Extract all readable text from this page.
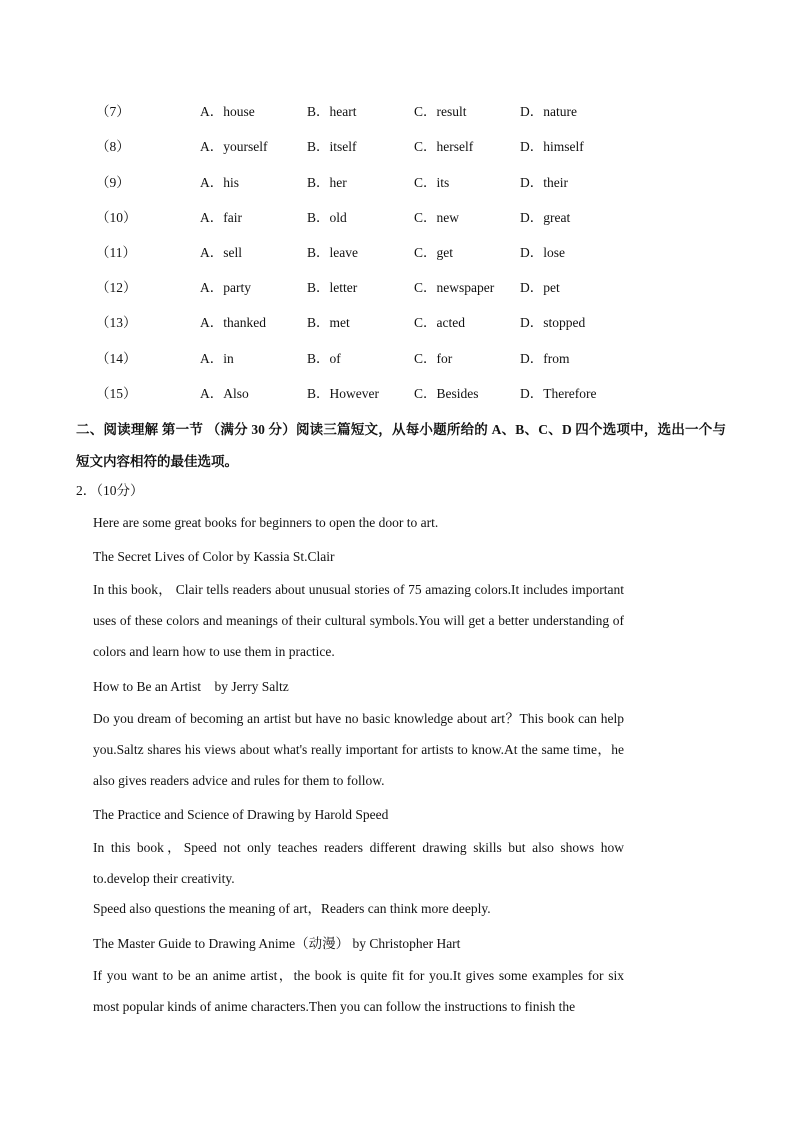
（7）	A．house	B．heart	C．result	D．nature
（8）	A．yourself	B．itself	C．herself	D．himself
（9）	A．his	B．her	C．its	D．their
（10）	A．fair	B．old	C．new	D．great
（11）	A．sell	B．leave	C．get	D．lose
（12）	A．party	B．letter	C．newspaper D．pet
（13）	A．thanked	B．met	C．acted	D．stopped
（14）	A．in	B．of	C．for	D．from
（15）	A．Also	B．However	C．Besides	D．Therefore
二、阅读理解 第一节 （满分 30 分）阅读三篇短文，从每小题所给的 A、B、C、D 四个选项中，选出一个与短文内容相符的最佳选项。
2．（10分）
Here are some great books for beginners to open the door to art.
The Secret Lives of Color by Kassia St.Clair
In this book， Clair tells readers about unusual stories of 75 amazing colors.It includes important uses of these colors and meanings of their cultural symbols.You will get a better understanding of colors and learn how to use them in practice.
How to Be an Artist　by Jerry Saltz
Do you dream of becoming an artist but have no basic knowledge about art？This book can help you.Saltz shares his views about what's really important for artists to know.At the same time，he also gives readers advice and rules for them to follow.
The Practice and Science of Drawing by Harold Speed
In this book，Speed not only teaches readers different drawing skills but also shows how to.develop their creativity.
Speed also questions the meaning of art，Readers can think more deeply.
The Master Guide to Drawing Anime（动漫） by Christopher Hart
If you want to be an anime artist，the book is quite fit for you.It gives some examples for six most popular kinds of anime characters.Then you can follow the instructions to finish the
